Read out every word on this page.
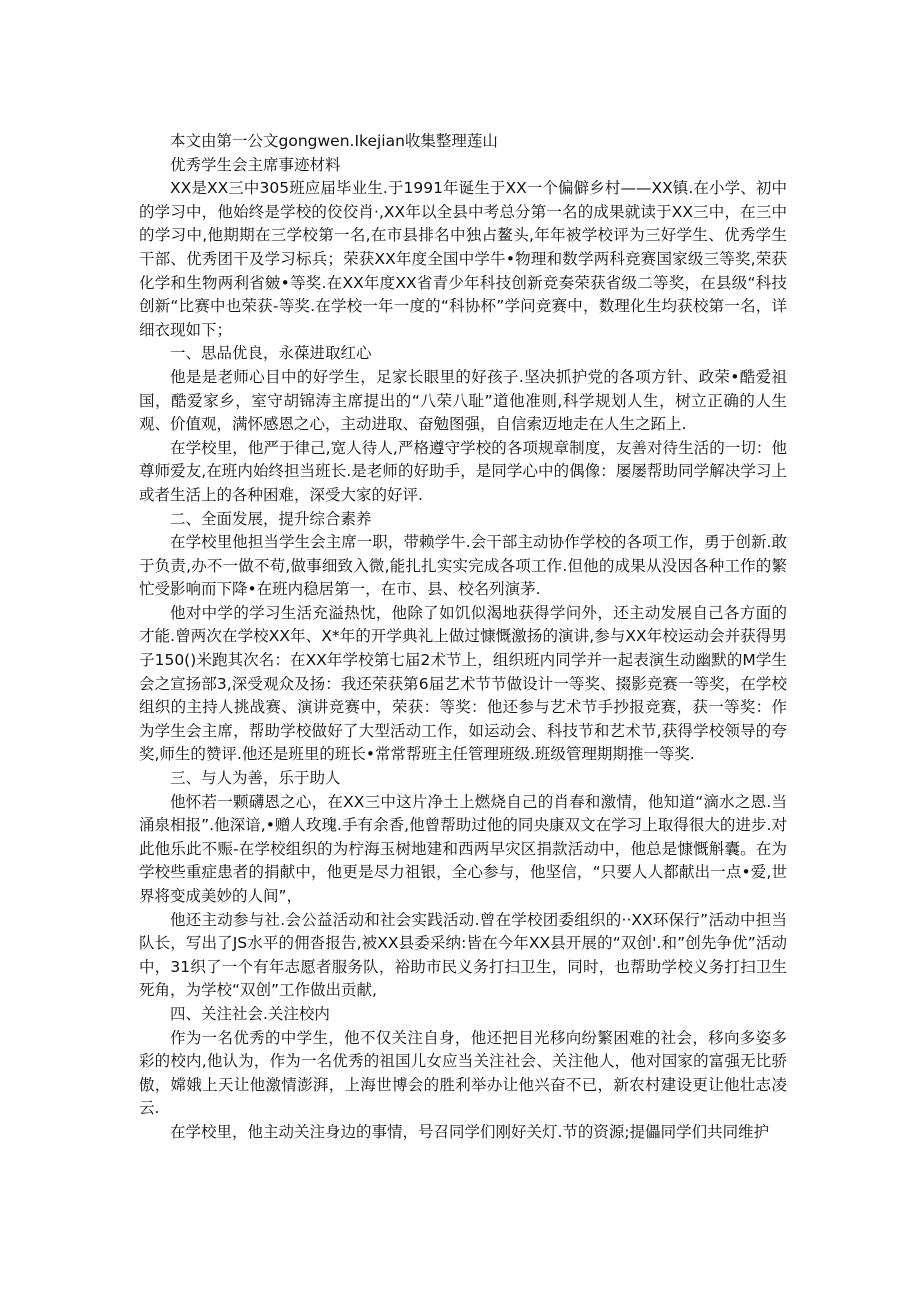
本文由第一公文gongwen.Ikejian收集整理莲山

优秀学生会主席事迹材料

XX是XX三中305班应届毕业生.于1991年诞生于XX一个偏僻乡村——XX镇.在小学、初中的学习中，他始终是学校的佼佼肖·,XX年以全县中考总分第一名的成果就读于XX三中，在三中的学习中,他期期在三学校第一名,在市县排名中独占鳌头,年年被学校评为三好学生、优秀学生干部、优秀团干及学习标兵；荣获XX年度全国中学牛•物理和数学两科竞赛国家级三等奖,荣获化学和生物两利省皴•等奖.在XX年度XX省青少年科技创新竞奏荣获省级二等奖，在县级“科技创新“比赛中也荣获-等奖.在学校一年一度的“科协杯”学问竞赛中，数理化生均获校第一名，详细衣现如下；

一、思品优良，永葆进取红心

他是是老师心目中的好学生，足家长眼里的好孩子.坚决抓护党的各项方针、政荣•酷爱祖国，酷爱家乡，室守胡锦涛主席提出的“八荣八耻”道他准则,科学规划人生，树立正确的人生观、价值观，满怀感恩之心，主动进取、奋勉图强，自信索迈地走在人生之跖上.

在学校里，他严于律己,宽人待人,严格遵守学校的各项规章制度，友善对待生活的一切：他尊师爱友,在班内始终担当班长.是老师的好助手，是同学心中的偶像：屡屡帮助同学解决学习上或者生活上的各种困难，深受大家的好评.

二、全面发展，提升综合素养

在学校里他担当学生会主席一职，带赖学牛.会干部主动协作学校的各项工作，勇于创新.敢于负责,办不一做不苟,做事细致入微,能扎扎实实完成各项工作.但他的成果从没因各种工作的繁忙受影响而下降•在班内稳居第一，在市、县、校名列演茅.

他对中学的学习生活充溢热忱，他除了如饥似渴地获得学问外，还主动发展自己各方面的才能.曾两次在学校XX年、X*年的开学典礼上做过慷慨激扬的演讲,参与XX年校运动会并获得男子150()米跑其次名：在XX年学校第七届2术节上，组织班内同学并一起表演生动幽默的M学生会之宣扬部3,深受观众及扬：我还荣获第6届艺术节节做设计一等奖、掇影竞赛一等奖，在学校组织的主持人挑战赛、演讲竞赛中，荣获：等奖：他还参与艺术节手抄报竞赛，获一等奖：作为学生会主席，帮助学校做好了大型活动工作，如运动会、科技节和艺术节,获得学校领导的夸奖,师生的赞评.他还是班里的班长•常常帮班主任管理班级.班级管理期期推一等奖.

三、与人为善，乐于助人

他怀若一颗礴恩之心，在XX三中这片净土上燃烧自己的肖春和激情，他知道“滴水之恩.当涌泉相报”.他深谙,•赠人玫瑰.手有余香,他曾帮助过他的同央康双文在学习上取得很大的进步.对此他乐此不赈-在学校组织的为柠海玉树地建和西两早灾区捐款活动中，他总是慷慨斛囊。在为学校些重症患者的捐献中，他更是尽力祖银，全心参与，他坚信，“只要人人都献出一点•爱,世界将变成美妙的人间”，

他还主动参与社.会公益活动和社会实践活动.曾在学校团委组织的··XX环保行”活动中担当队长，写出了JS水平的佣沓报告,被XX县委采纳:皆在今年XX县开展的“双创'.和”创先争优”活动中，31织了一个有年志愿者服务队，裕助市民义务打扫卫生，同时，也帮助学校义务打扫卫生死角，为学校“双创”工作做出贡献,

四、关注社会.关注校内

作为一名优秀的中学生，他不仅关注自身，他还把目光移向纷繁困难的社会，移向多姿多彩的校内,他认为，作为一名优秀的祖国儿女应当关注社会、关注他人，他对国家的富强无比骄傲，嫦娥上天让他激情澎湃，上海世博会的胜利举办让他兴奋不已，新农村建设更让他壮志凌云.

在学校里，他主动关注身边的事情，号召同学们刚好关灯.节的资源;提儡同学们共同维护
